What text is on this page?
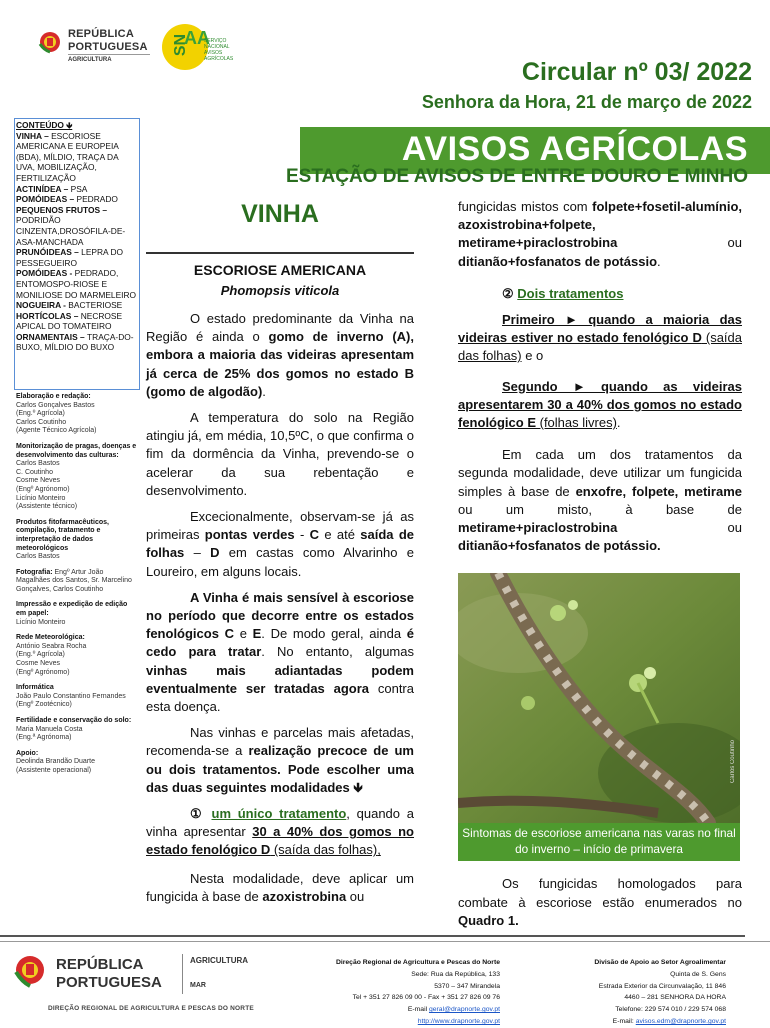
REPÚBLICA
PORTUGUESA
AGRICULTURA
SN
AA
SERVIÇO NACIONAL AVISOS AGRÍCOLAS	Circular nº 03/ 2022
Senhora da Hora, 21 de março de 2022
AVISOS AGRÍCOLAS
ESTAÇÃO DE AVISOS DE ENTRE DOURO E MINHO
CONTEÚDO 🡻
VINHA – ESCORIOSE AMERICANA E EUROPEIA (BDA), MÍLDIO, TRAÇA DA UVA, MOBILIZAÇÃO, FERTILIZAÇÃO
ACTINÍDEA – PSA
POMÓIDEAS – PEDRADO
PEQUENOS FRUTOS – PODRIDÃO CINZENTA,DROSÓFILA-DE-ASA-MANCHADA
PRUNÓIDEAS – LEPRA DO PESSEGUEIRO
POMÓIDEAS - PEDRADO, ENTOMOSPO-RIOSE E MONILIOSE DO MARMELEIRO
NOGUEIRA - BACTERIOSE
HORTÍCOLAS – NECROSE APICAL DO TOMATEIRO
ORNAMENTAIS – TRAÇA-DO-BUXO, MÍLDIO DO BUXO
Elaboração e redação:
Carlos Gonçalves Bastos
(Eng.º Agrícola)
Carlos Coutinho
(Agente Técnico Agrícola)
Monitorização de pragas, doenças e desenvolvimento das culturas:
Carlos Bastos
C. Coutinho
Cosme Neves
(Engº Agrónomo)
Licínio Monteiro
(Assistente técnico)
Produtos fitofarmacêuticos, compilação, tratamento e interpretação de dados meteorológicos
Carlos Bastos
Fotografia: Engº Artur João Magalhães dos Santos, Sr. Marcelino Gonçalves, Carlos Coutinho
Impressão e expedição de edição em papel:
Licínio Monteiro
Rede Meteorológica:
António Seabra Rocha
(Eng.º Agrícola)
Cosme Neves
(Engº Agrónomo)
Informática
João Paulo Constantino Fernandes
(Engº Zootécnico)
Fertilidade e conservação do solo:
Maria Manuela Costa
(Eng.ª Agrónoma)
Apoio:
Deolinda Brandão Duarte
(Assistente operacional)
VINHA
ESCORIOSE AMERICANA
Phomopsis viticola

O estado predominante da Vinha na Região é ainda o gomo de inverno (A), embora a maioria das videiras apresentam já cerca de 25% dos gomos no estado B (gomo de algodão).

A temperatura do solo na Região atingiu já, em média, 10,5ºC, o que confirma o fim da dormência da Vinha, prevendo-se o acelerar da sua rebentação e desenvolvimento.

Excecionalmente, observam-se já as primeiras pontas verdes - C e até saída de folhas – D em castas como Alvarinho e Loureiro, em alguns locais.

A Vinha é mais sensível à escoriose no período que decorre entre os estados fenológicos C e E. De modo geral, ainda é cedo para tratar. No entanto, algumas vinhas mais adiantadas podem eventualmente ser tratadas agora contra esta doença.

Nas vinhas e parcelas mais afetadas, recomenda-se a realização precoce de um ou dois tratamentos. Pode escolher uma das duas seguintes modalidades 🡻

① um único tratamento, quando a vinha apresentar 30 a 40% dos gomos no estado fenológico D (saída das folhas),

Nesta modalidade, deve aplicar um fungicida à base de azoxistrobina ou

fungicidas mistos com folpete+fosetil-alumínio, azoxistrobina+folpete, metirame+piraclostrobina ou ditianão+fosfanatos de potássio.

② Dois tratamentos

Primeiro ► quando a maioria das videiras estiver no estado fenológico D (saída das folhas) e o

Segundo ► quando as videiras apresentarem 30 a 40% dos gomos no estado fenológico E (folhas livres).

Em cada um dos tratamentos da segunda modalidade, deve utilizar um fungicida simples à base de enxofre, folpete, metirame ou um misto, à base de metirame+piraclostrobina ou ditianão+fosfanatos de potássio.

Carlos Coutinho
Sintomas de escoriose americana nas varas no final do inverno – início de primavera

Os fungicidas homologados para combate à escoriose estão enumerados no Quadro 1.

REPÚBLICA
PORTUGUESA
AGRICULTURA
MAR
DIREÇÃO REGIONAL DE AGRICULTURA E PESCAS DO NORTE
Direção Regional de Agricultura e Pescas do Norte
Sede: Rua da República, 133
5370 – 347 Mirandela
Tel + 351 27 826 09 00 - Fax + 351 27 826 09 76
E-mail geral@drapnorte.gov.pt
http://www.drapnorte.gov.pt
Divisão de Apoio ao Setor Agroalimentar
Quinta de S. Gens
Estrada Exterior da Circunvalação, 11 846
4460 – 281 SENHORA DA HORA
Telefone: 229 574 010 / 229 574 068
E-mail: avisos.edm@drapnorte.gov.pt
